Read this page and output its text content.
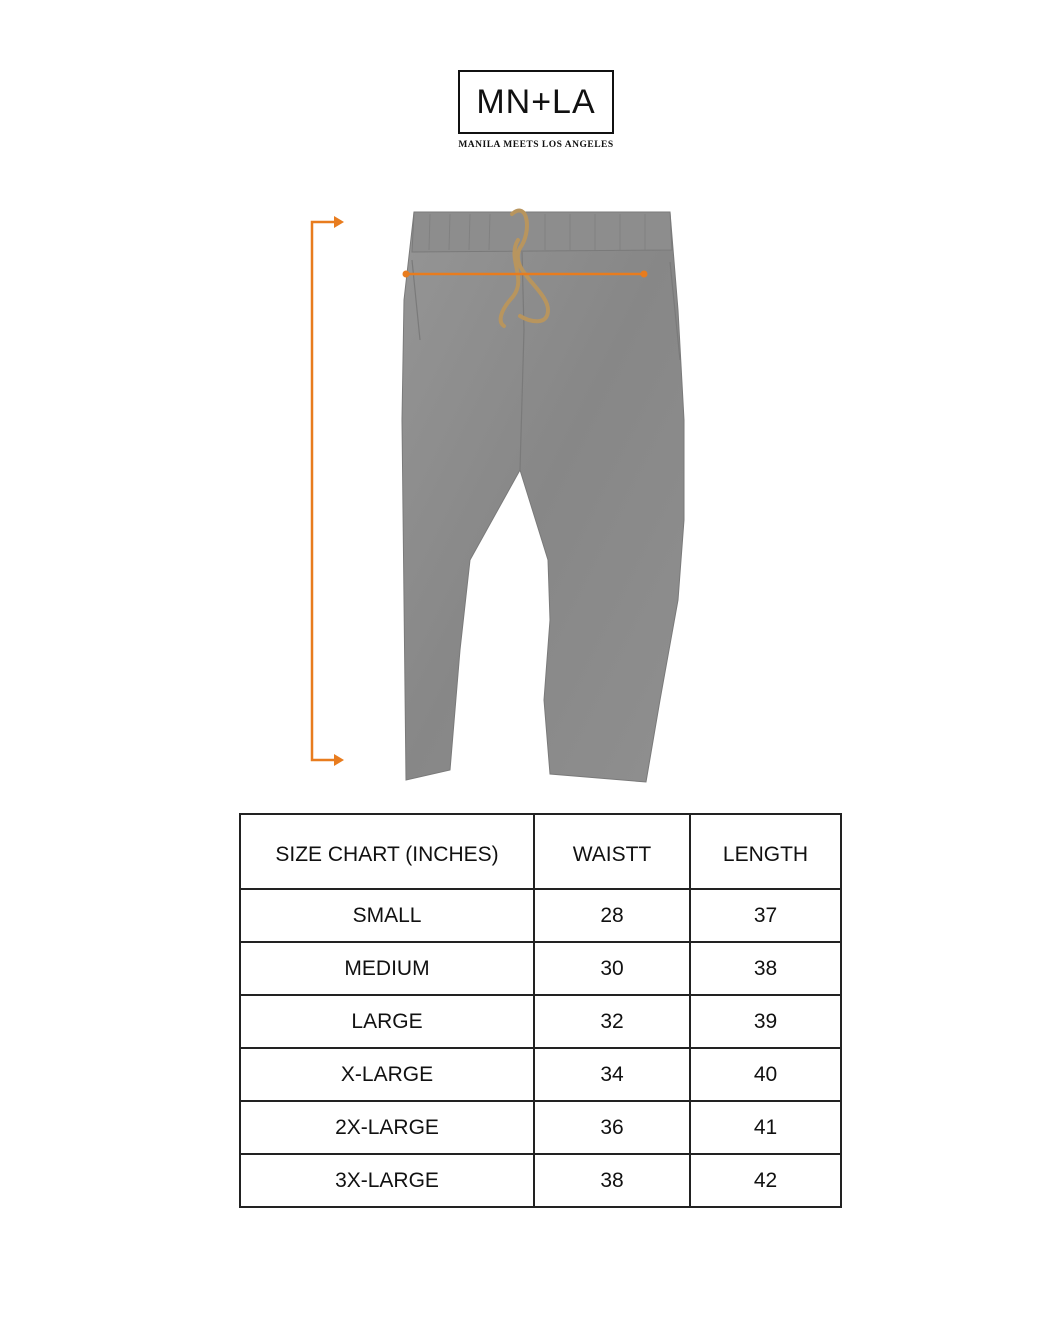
MN+LA
MANILA MEETS LOS ANGELES
SIZE CHART (INCHES)	WAISTT	LENGTH
SMALL	28	37
MEDIUM	30	38
LARGE	32	39
X-LARGE	34	40
2X-LARGE	36	41
3X-LARGE	38	42
